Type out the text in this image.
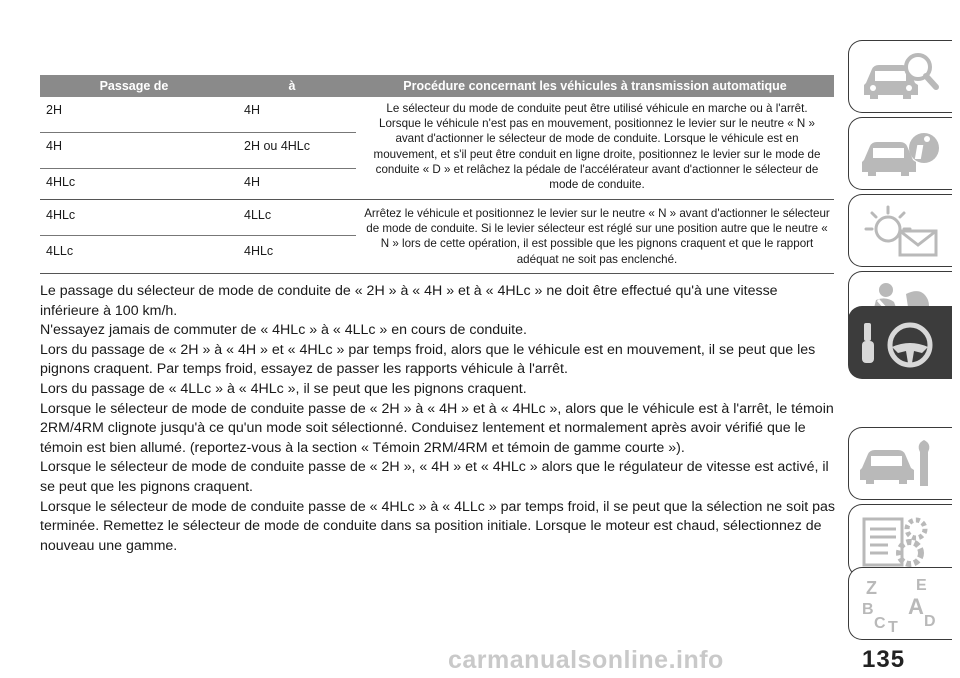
Passage de	à	Procédure concernant les véhicules à transmission automatique
2H	4H
4H	2H ou 4HLc
4HLc	4H
Le sélecteur du mode de conduite peut être utilisé véhicule en marche ou à l'arrêt. Lorsque le véhicule n'est pas en mouvement, positionnez le levier sur le neutre « N » avant d'actionner le sélecteur de mode de conduite. Lorsque le véhicule est en mouvement, et s'il peut être conduit en ligne droite, positionnez le levier sur le mode de conduite « D » et relâchez la pédale de l'accélérateur avant d'actionner le sélecteur de mode de conduite.
4HLc	4LLc
4LLc	4HLc
Arrêtez le véhicule et positionnez le levier sur le neutre « N » avant d'actionner le sélecteur de mode de conduite. Si le levier sélecteur est réglé sur une position autre que le neutre « N » lors de cette opération, il est possible que les pignons craquent et que le rapport adéquat ne soit pas enclenché.

Le passage du sélecteur de mode de conduite de « 2H » à « 4H » et à « 4HLc » ne doit être effectué qu'à une vitesse inférieure à 100 km/h.

N'essayez jamais de commuter de « 4HLc » à « 4LLc » en cours de conduite.

Lors du passage de « 2H » à « 4H » et « 4HLc » par temps froid, alors que le véhicule est en mouvement, il se peut que les pignons craquent. Par temps froid, essayez de passer les rapports véhicule à l'arrêt.

Lors du passage de « 4LLc » à « 4HLc », il se peut que les pignons craquent.

Lorsque le sélecteur de mode de conduite passe de « 2H » à « 4H » et à « 4HLc », alors que le véhicule est à l'arrêt, le témoin 2RM/4RM clignote jusqu'à ce qu'un mode soit sélectionné. Conduisez lentement et normalement après avoir vérifié que le témoin est bien allumé. (reportez-vous à la section « Témoin 2RM/4RM et témoin de gamme courte »).

Lorsque le sélecteur de mode de conduite passe de « 2H », « 4H » et « 4HLc » alors que le régulateur de vitesse est activé, il se peut que les pignons craquent.

Lorsque le sélecteur de mode de conduite passe de « 4HLc » à « 4LLc » par temps froid, il se peut que la sélection ne soit pas terminée. Remettez le sélecteur de mode de conduite dans sa position initiale. Lorsque le moteur est chaud, sélectionnez de nouveau une gamme.

Z E
B A
C T D
carmanualsonline.info	135
